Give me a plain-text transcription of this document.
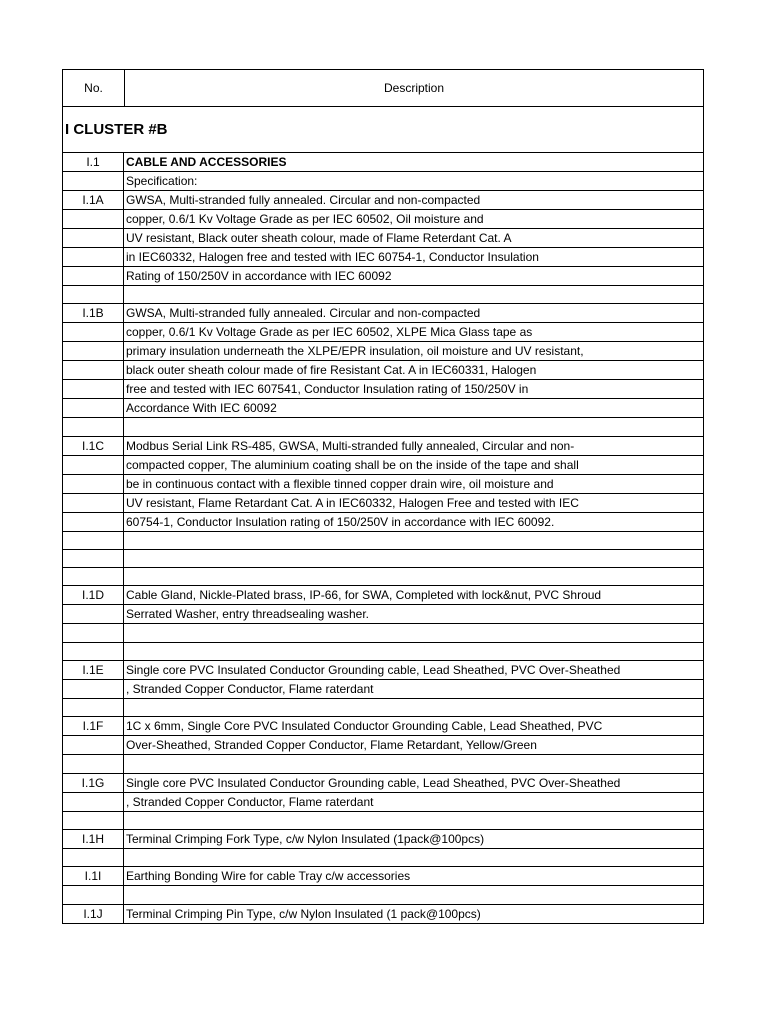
No.	Description
I CLUSTER #B
I.1	CABLE AND ACCESSORIES
	Specification:
I.1A	GWSA, Multi-stranded fully annealed. Circular and non-compacted
	copper, 0.6/1 Kv Voltage Grade as per IEC 60502, Oil moisture and
	UV resistant, Black outer sheath colour, made of Flame Reterdant Cat. A
	in IEC60332, Halogen free and tested with IEC 60754-1, Conductor Insulation
	Rating of 150/250V in accordance with IEC 60092

I.1B	GWSA, Multi-stranded fully annealed. Circular and non-compacted
	copper, 0.6/1 Kv Voltage Grade as per IEC 60502, XLPE Mica Glass tape as
	primary insulation underneath the XLPE/EPR insulation, oil moisture and UV resistant,
	black outer sheath colour made of fire Resistant Cat. A in IEC60331, Halogen
	free and tested with IEC 607541, Conductor Insulation rating of 150/250V in
	Accordance With IEC 60092

I.1C	Modbus Serial Link RS-485, GWSA, Multi-stranded fully annealed, Circular and non-
	compacted copper, The aluminium coating shall be on the inside of the tape and shall
	be in continuous contact with a flexible tinned copper drain wire, oil moisture and
	UV resistant, Flame Retardant Cat. A in IEC60332, Halogen Free and tested with IEC
	60754-1, Conductor Insulation rating of 150/250V in accordance with IEC 60092.

I.1D	Cable Gland, Nickle-Plated brass, IP-66, for SWA, Completed with lock&nut, PVC Shroud
	Serrated Washer, entry threadsealing washer.

I.1E	Single core PVC Insulated Conductor Grounding cable, Lead Sheathed, PVC Over-Sheathed
	, Stranded Copper Conductor, Flame raterdant

I.1F	1C x 6mm, Single Core PVC Insulated Conductor Grounding Cable, Lead Sheathed, PVC
	Over-Sheathed, Stranded Copper Conductor, Flame Retardant, Yellow/Green

I.1G	Single core PVC Insulated Conductor Grounding cable, Lead Sheathed, PVC Over-Sheathed
	, Stranded Copper Conductor, Flame raterdant

I.1H	Terminal Crimping Fork Type, c/w Nylon Insulated (1pack@100pcs)

I.1I	Earthing Bonding Wire for cable Tray c/w accessories

I.1J	Terminal Crimping Pin Type, c/w Nylon Insulated (1 pack@100pcs)
